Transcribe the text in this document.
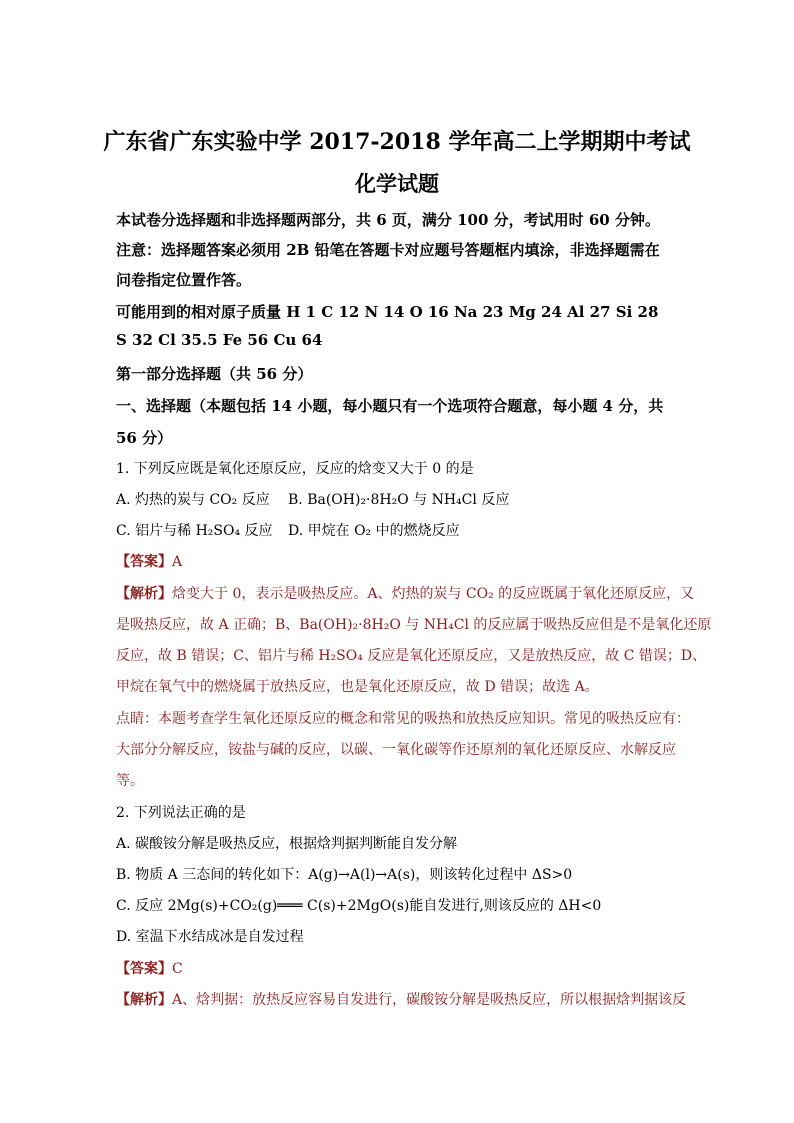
广东省广东实验中学 2017-2018 学年高二上学期期中考试
化学试题
本试卷分选择题和非选择题两部分，共 6 页，满分 100 分，考试用时 60 分钟。
注意：选择题答案必须用 2B 铅笔在答题卡对应题号答题框内填涂，非选择题需在
问卷指定位置作答。
可能用到的相对原子质量 H 1 C 12 N 14 O 16 Na 23 Mg 24 Al 27 Si 28
S 32 Cl 35.5 Fe 56 Cu 64
第一部分选择题（共 56 分）
一、选择题（本题包括 14 小题，每小题只有一个选项符合题意，每小题 4 分，共
56 分）
1. 下列反应既是氧化还原反应，反应的焓变又大于 0 的是
A. 灼热的炭与 CO₂ 反应 B. Ba(OH)₂·8H₂O 与 NH₄Cl 反应
C. 铝片与稀 H₂SO₄ 反应 D. 甲烷在 O₂ 中的燃烧反应
【答案】A
【解析】焓变大于 0，表示是吸热反应。A、灼热的炭与 CO₂ 的反应既属于氧化还原反应，又
是吸热反应，故 A 正确；B、Ba(OH)₂·8H₂O 与 NH₄Cl 的反应属于吸热反应但是不是氧化还原
反应，故 B 错误；C、铝片与稀 H₂SO₄ 反应是氧化还原反应，又是放热反应，故 C 错误；D、
甲烷在氧气中的燃烧属于放热反应，也是氧化还原反应，故 D 错误；故选 A。
点睛：本题考查学生氧化还原反应的概念和常见的吸热和放热反应知识。常见的吸热反应有：
大部分分解反应，铵盐与碱的反应，以碳、一氧化碳等作还原剂的氧化还原反应、水解反应
等。
2. 下列说法正确的是
A. 碳酸铵分解是吸热反应，根据焓判据判断能自发分解
B. 物质 A 三态间的转化如下：A(g)→A(l)→A(s)，则该转化过程中 ΔS>0
C. 反应 2Mg(s)+CO₂(g)═══ C(s)+2MgO(s)能自发进行,则该反应的 ΔH<0
D. 室温下水结成冰是自发过程
【答案】C
【解析】A、焓判据：放热反应容易自发进行，碳酸铵分解是吸热反应，所以根据焓判据该反
